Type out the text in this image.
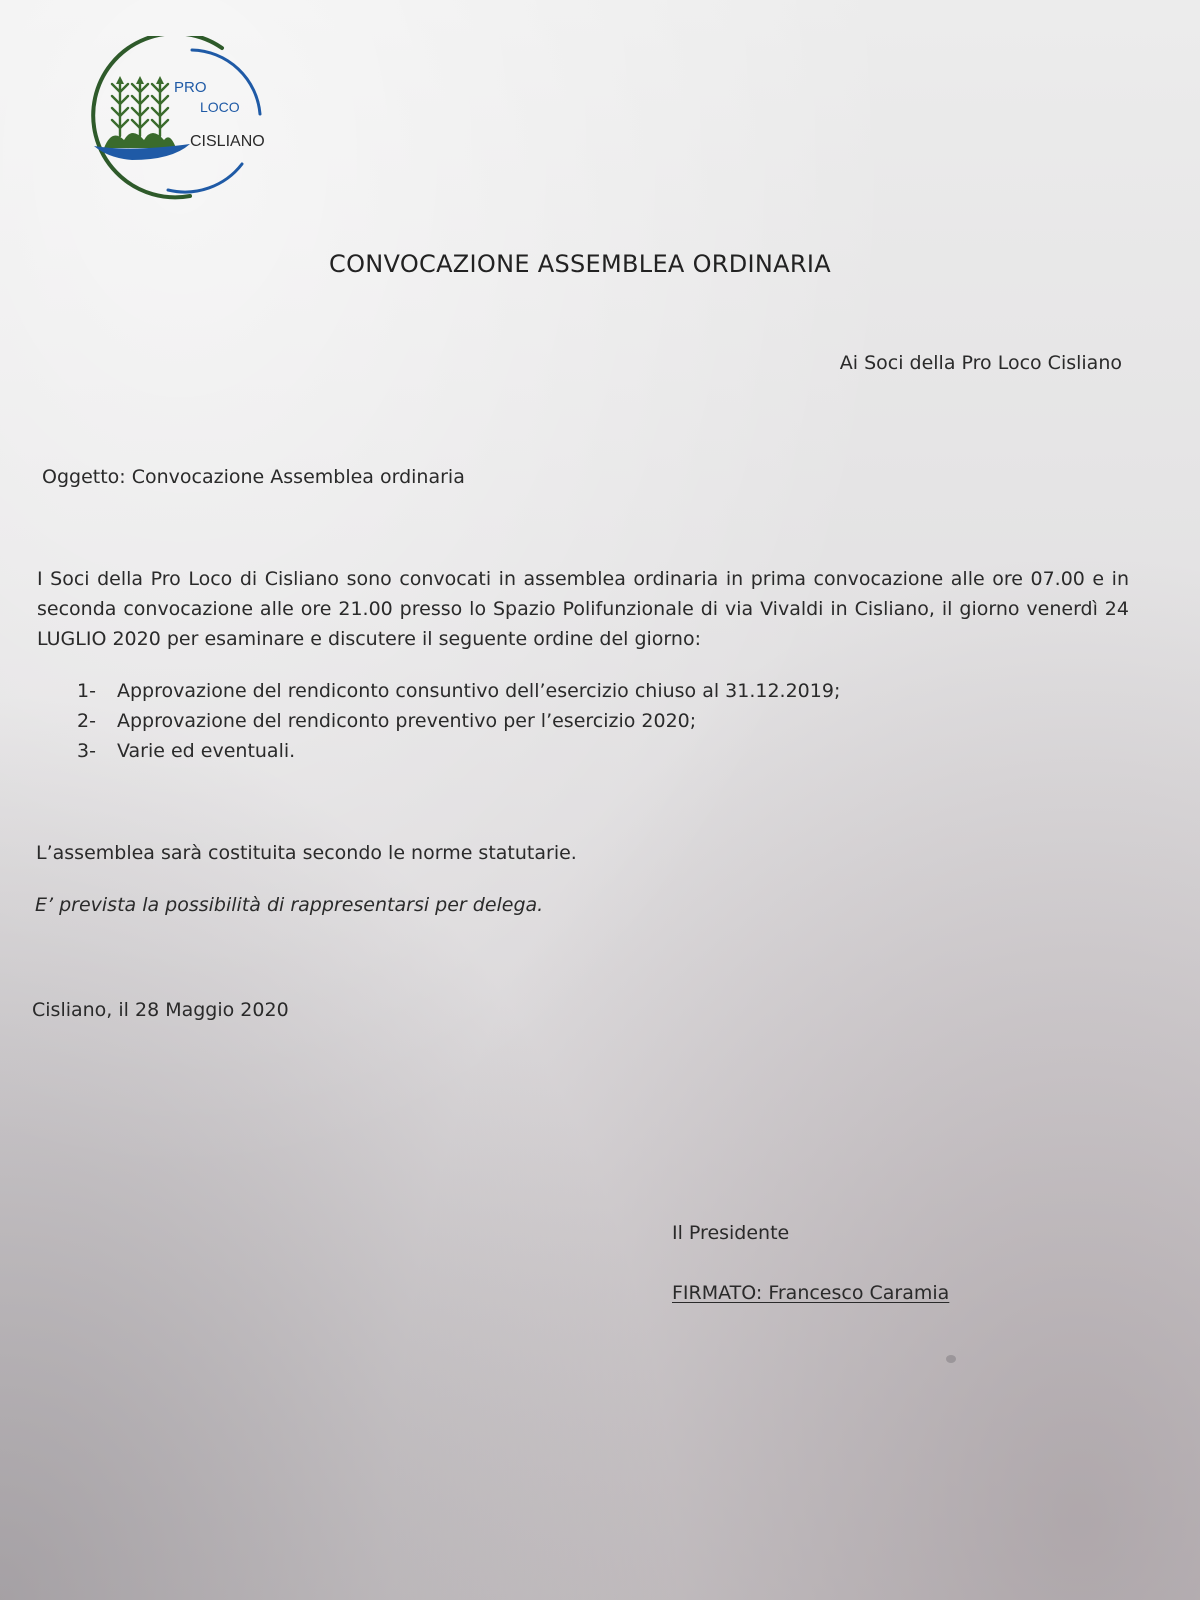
PRO
LOCO
CISLIANO
CONVOCAZIONE ASSEMBLEA ORDINARIA
Ai Soci della Pro Loco Cisliano
Oggetto: Convocazione Assemblea ordinaria
I Soci della Pro Loco di Cisliano sono convocati in assemblea ordinaria in prima convocazione alle ore 07.00 e in seconda convocazione alle ore 21.00 presso lo Spazio Polifunzionale di via Vivaldi in Cisliano, il giorno venerdì 24 LUGLIO 2020 per esaminare e discutere il seguente ordine del giorno:
1-	Approvazione del rendiconto consuntivo dell’esercizio chiuso al 31.12.2019;
2-	Approvazione del rendiconto preventivo per l’esercizio 2020;
3-	Varie ed eventuali.
L’assemblea sarà costituita secondo le norme statutarie.
E’ prevista la possibilità di rappresentarsi per delega.
Cisliano, il 28 Maggio 2020
Il Presidente
FIRMATO: Francesco Caramia
